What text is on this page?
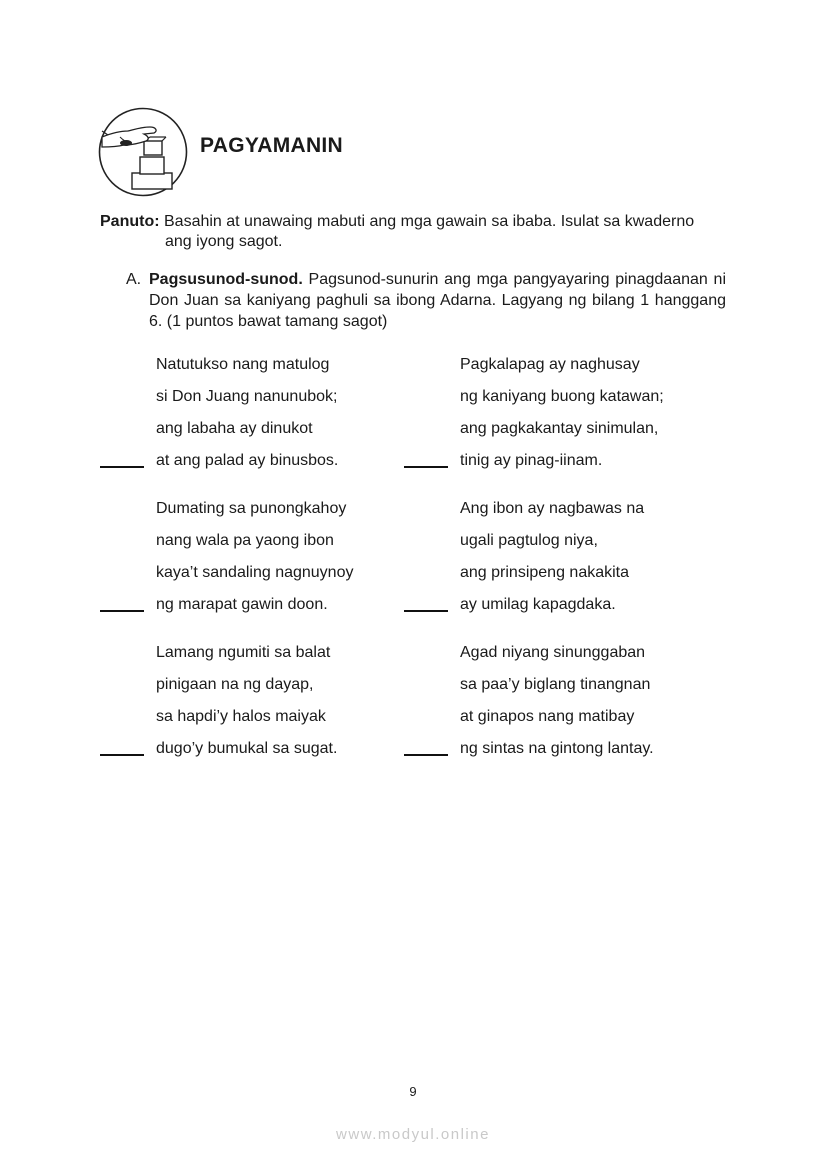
PAGYAMANIN
Panuto: Basahin at unawaing mabuti ang mga gawain sa ibaba. Isulat sa kwaderno
ang iyong sagot.
A. Pagsusunod-sunod. Pagsunod-sunurin ang mga pangyayaring pinagdaanan ni Don Juan sa kaniyang paghuli sa ibong Adarna. Lagyang ng bilang 1 hanggang 6. (1 puntos bawat tamang sagot)
Natutukso nang matulog
si Don Juang nanunubok;
ang labaha ay dinukot
at ang palad ay binusbos.
Pagkalapag ay naghusay
ng kaniyang buong katawan;
ang pagkakantay sinimulan,
tinig ay pinag-iinam.
Dumating sa punongkahoy
nang wala pa yaong ibon
kaya’t sandaling nagnuynoy
ng marapat gawin doon.
Ang ibon ay nagbawas na
ugali pagtulog niya,
ang prinsipeng nakakita
ay umilag kapagdaka.
Lamang ngumiti sa balat
pinigaan na ng dayap,
sa hapdi’y halos maiyak
dugo’y bumukal sa sugat.
Agad niyang sinunggaban
sa paa’y biglang tinangnan
at ginapos nang matibay
ng sintas na gintong lantay.
9
www.modyul.online
